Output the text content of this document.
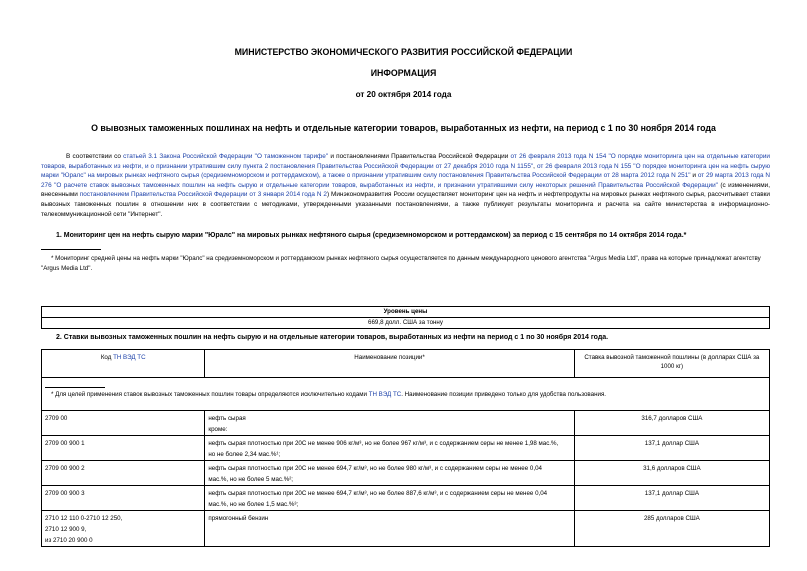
МИНИСТЕРСТВО ЭКОНОМИЧЕСКОГО РАЗВИТИЯ РОССИЙСКОЙ ФЕДЕРАЦИИ
ИНФОРМАЦИЯ
от 20 октября 2014 года
О вывозных таможенных пошлинах на нефть и отдельные категории товаров, выработанных из нефти, на период с 1 по 30 ноября 2014 года

В соответствии со статьей 3.1 Закона Российской Федерации "О таможенном тарифе" и постановлениями Правительства Российской Федерации от 26 февраля 2013 года N 154 "О порядке мониторинга цен на отдельные категории товаров, выработанных из нефти, и о признании утратившим силу пункта 2 постановления Правительства Российской Федерации от 27 декабря 2010 года N 1155", от 26 февраля 2013 года N 155 "О порядке мониторинга цен на нефть сырую марки "Юралс" на мировых рынках нефтяного сырья (средиземноморском и роттердамском), а также о признании утратившим силу постановления Правительства Российской Федерации от 28 марта 2012 года N 251" и от 29 марта 2013 года N 276 "О расчете ставок вывозных таможенных пошлин на нефть сырую и отдельные категории товаров, выработанных из нефти, и признании утратившими силу некоторых решений Правительства Российской Федерации" (с изменениями, внесенными постановлением Правительства Российской Федерации от 3 января 2014 года N 2) Минэкономразвития России осуществляет мониторинг цен на нефть и нефтепродукты на мировых рынках нефтяного сырья, рассчитывает ставки вывозных таможенных пошлин в отношении них в соответствии с методиками, утвержденными указанными постановлениями, а также публикует результаты мониторинга и расчета на сайте министерства в информационно-телекоммуникационной сети "Интернет".

1. Мониторинг цен на нефть сырую марки "Юралс" на мировых рынках нефтяного сырья (средиземноморском и роттердамском) за период с 15 сентября по 14 октября 2014 года.*

* Мониторинг средней цены на нефть марки "Юралс" на средиземноморском и роттердамском рынках нефтяного сырья осуществляется по данным международного ценового агентства "Argus Media Ltd", права на которые принадлежат агентству "Argus Media Ltd".

Уровень цены
669,8 долл. США за тонну
2. Ставки вывозных таможенных пошлин на нефть сырую и на отдельные категории товаров, выработанных из нефти на период с 1 по 30 ноября 2014 года.
Код ТН ВЭД ТС	Наименование позиции*	Ставка вывозной таможенной пошлины (в долларах США за 1000 кг)

* Для целей применения ставок вывозных таможенных пошлин товары определяются исключительно кодами ТН ВЭД ТС. Наименование позиции приведено только для удобства пользования.		

2709 00	нефть сырая
кроме:	316,7 долларов США
2709 00 900 1	нефть сырая плотностью при 20С не менее 906 кг/м³, но не более 967 кг/м³, и с содержанием серы не менее 1,98 мас.%,
но не более 2,34 мас.%¹;	137,1 доллар США
2709 00 900 2	нефть сырая плотностью при 20С не менее 694,7 кг/м³, но не более 980 кг/м³, и с содержанием серы не менее 0,04
мас.%, но не более 5 мас.%²;	31,6 долларов США
2709 00 900 3	нефть сырая плотностью при 20С не менее 694,7 кг/м³, но не более 887,6 кг/м³, и с содержанием серы не менее 0,04
мас.%, но не более 1,5 мас.%³;	137,1 доллар США

2710 12 110 0-2710 12 250,
2710 12 900 9,
из 2710 20 900 0	прямогонный бензин	285 долларов США
